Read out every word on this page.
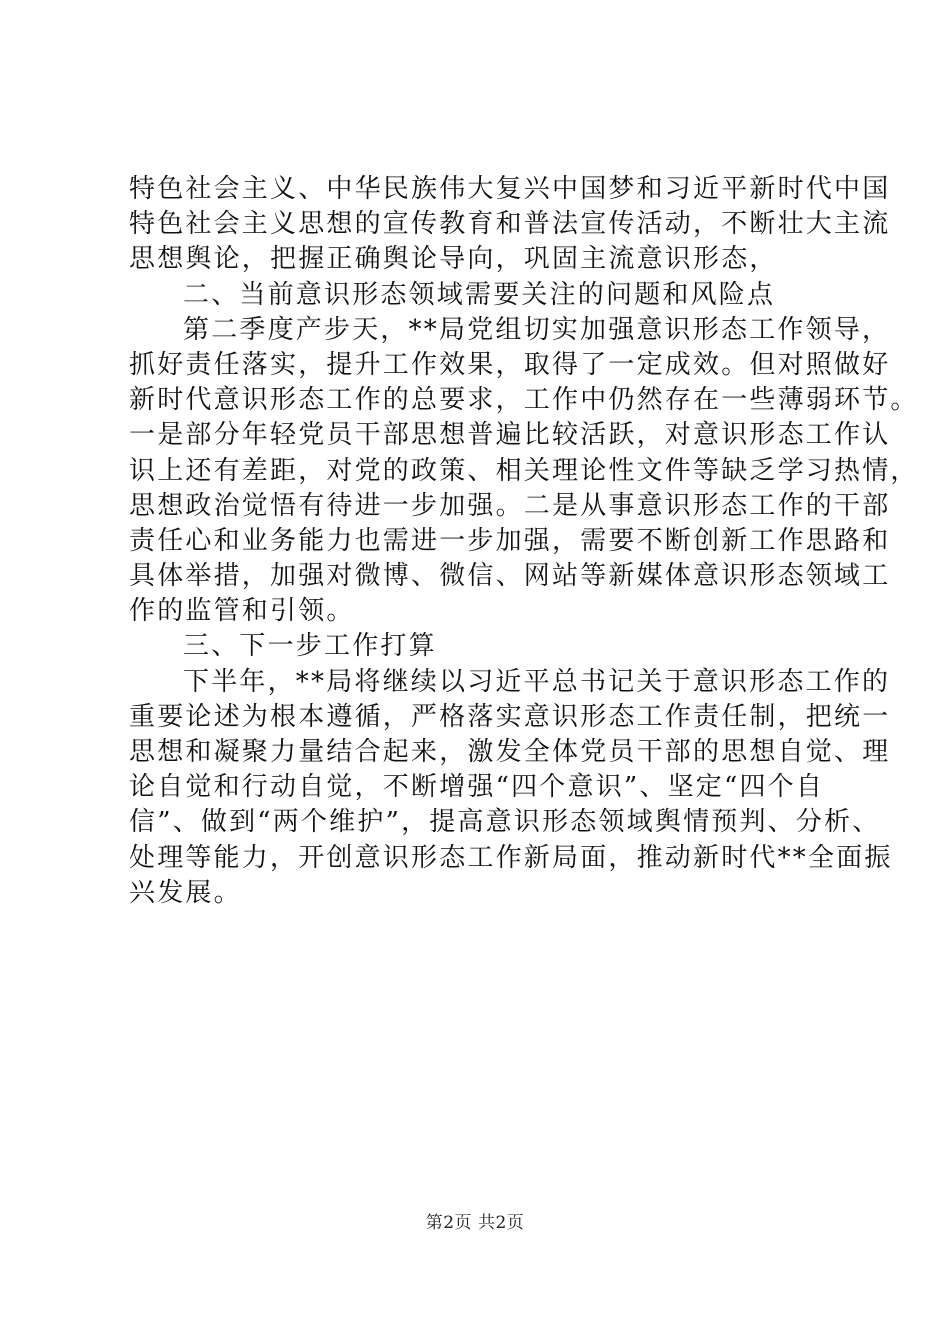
特色社会主义、中华民族伟大复兴中国梦和习近平新时代中国
特色社会主义思想的宣传教育和普法宣传活动，不断壮大主流
思想舆论，把握正确舆论导向，巩固主流意识形态，
二、当前意识形态领域需要关注的问题和风险点
第二季度产步天，**局党组切实加强意识形态工作领导，
抓好责任落实，提升工作效果，取得了一定成效。但对照做好
新时代意识形态工作的总要求，工作中仍然存在一些薄弱环节。
一是部分年轻党员干部思想普遍比较活跃，对意识形态工作认
识上还有差距，对党的政策、相关理论性文件等缺乏学习热情，
思想政治觉悟有待进一步加强。二是从事意识形态工作的干部
责任心和业务能力也需进一步加强，需要不断创新工作思路和
具体举措，加强对微博、微信、网站等新媒体意识形态领域工
作的监管和引领。
三、下一步工作打算
下半年，**局将继续以习近平总书记关于意识形态工作的
重要论述为根本遵循，严格落实意识形态工作责任制，把统一
思想和凝聚力量结合起来，激发全体党员干部的思想自觉、理
论自觉和行动自觉，不断增强“四个意识”、坚定“四个自
信”、做到“两个维护”，提高意识形态领域舆情预判、分析、
处理等能力，开创意识形态工作新局面，推动新时代**全面振
兴发展。
第2页 共2页
